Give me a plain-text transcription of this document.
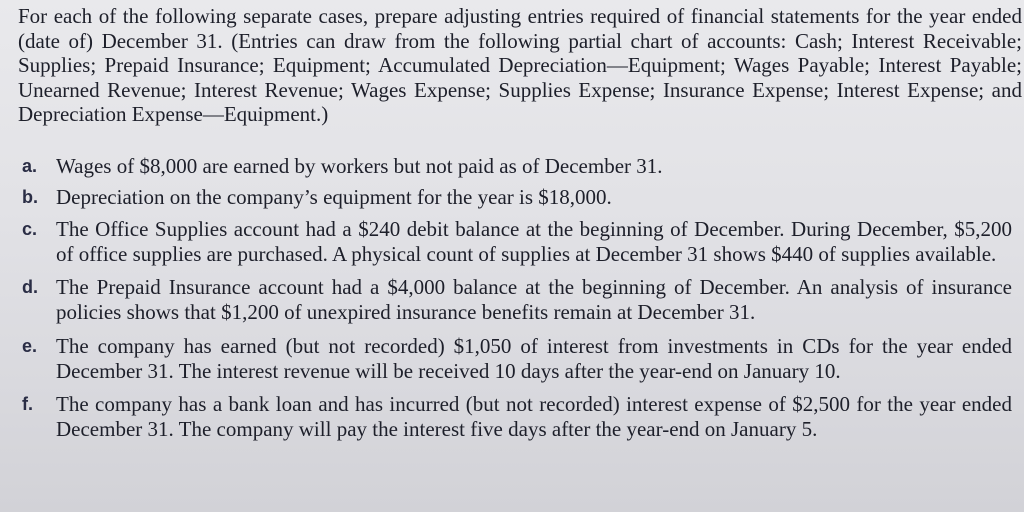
For each of the following separate cases, prepare adjusting entries required of financial statements for the year ended (date of) December 31. (Entries can draw from the following partial chart of accounts: Cash; Interest Receivable; Supplies; Prepaid Insurance; Equipment; Accumulated Depreciation—Equipment; Wages Payable; Interest Payable; Unearned Revenue; Interest Revenue; Wages Expense; Supplies Expense; Insurance Expense; Interest Expense; and Depreciation Expense—Equipment.)

a. Wages of $8,000 are earned by workers but not paid as of December 31.
b. Depreciation on the company’s equipment for the year is $18,000.
c. The Office Supplies account had a $240 debit balance at the beginning of December. During December, $5,200 of office supplies are purchased. A physical count of supplies at December 31 shows $440 of supplies available.
d. The Prepaid Insurance account had a $4,000 balance at the beginning of December. An analysis of insurance policies shows that $1,200 of unexpired insurance benefits remain at December 31.
e. The company has earned (but not recorded) $1,050 of interest from investments in CDs for the year ended December 31. The interest revenue will be received 10 days after the year-end on January 10.
f.	The company has a bank loan and has incurred (but not recorded) interest expense of $2,500 for the year ended December 31. The company will pay the interest five days after the year-end on January 5.
